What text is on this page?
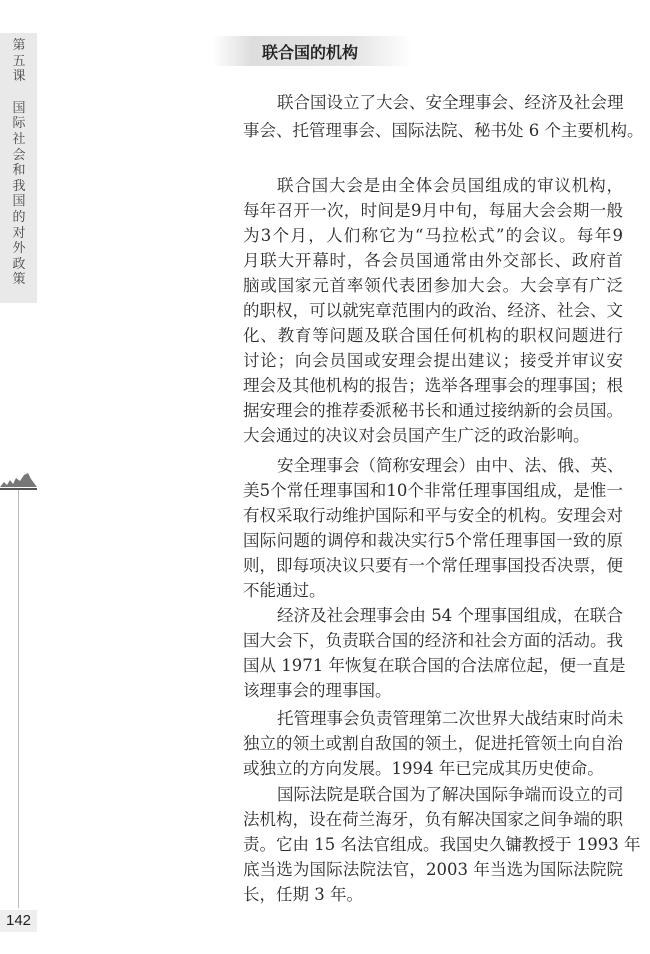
第
五
课
国
际
社
会
和
我
国
的
对
外
政
策
142
联合国的机构
联合国设立了大会、安全理事会、经济及社会理
事会、托管理事会、国际法院、秘书处 6 个主要机构。
联合国大会是由全体会员国组成的审议机构，
每年召开一次，时间是9月中旬，每届大会会期一般
为3个月，人们称它为“马拉松式”的会议。每年9
月联大开幕时，各会员国通常由外交部长、政府首
脑或国家元首率领代表团参加大会。大会享有广泛
的职权，可以就宪章范围内的政治、经济、社会、文
化、教育等问题及联合国任何机构的职权问题进行
讨论；向会员国或安理会提出建议；接受并审议安
理会及其他机构的报告；选举各理事会的理事国；根
据安理会的推荐委派秘书长和通过接纳新的会员国。
大会通过的决议对会员国产生广泛的政治影响。
安全理事会（简称安理会）由中、法、俄、英、
美5个常任理事国和10个非常任理事国组成，是惟一
有权采取行动维护国际和平与安全的机构。安理会对
国际问题的调停和裁决实行5个常任理事国一致的原
则，即每项决议只要有一个常任理事国投否决票，便
不能通过。
经济及社会理事会由 54 个理事国组成，在联合
国大会下，负责联合国的经济和社会方面的活动。我
国从 1971 年恢复在联合国的合法席位起，便一直是
该理事会的理事国。
托管理事会负责管理第二次世界大战结束时尚未
独立的领土或割自敌国的领土，促进托管领土向自治
或独立的方向发展。1994 年已完成其历史使命。
国际法院是联合国为了解决国际争端而设立的司
法机构，设在荷兰海牙，负有解决国家之间争端的职
责。它由 15 名法官组成。我国史久镛教授于 1993 年
底当选为国际法院法官，2003 年当选为国际法院院
长，任期 3 年。
